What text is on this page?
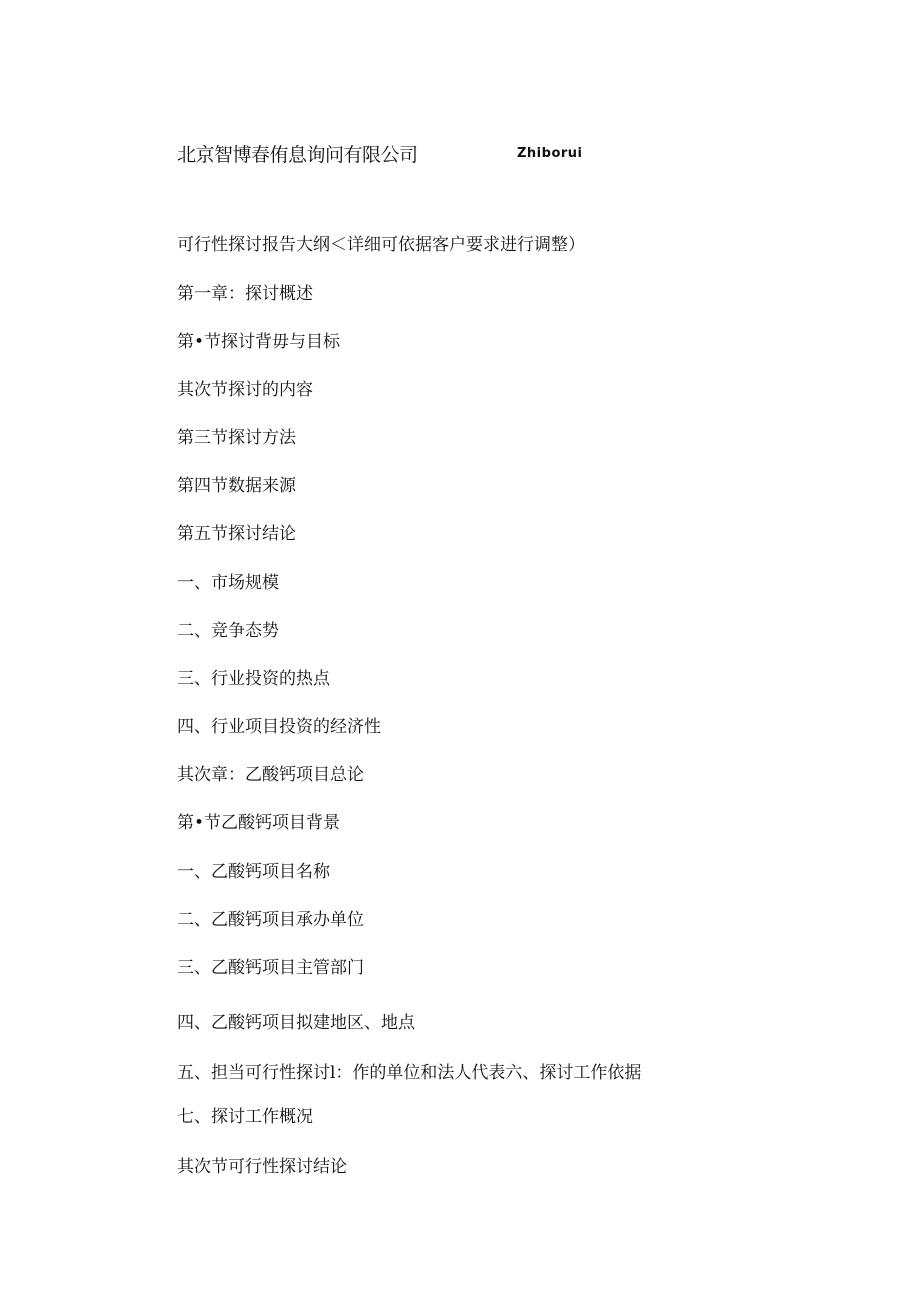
北京智博春侑息询问有限公司	Zhiborui
可行性探讨报告大纲＜详细可依据客户要求进行调整）
第一章：探讨概述
第•节探讨背毋与目标
其次节探讨的内容
第三节探讨方法
第四节数据来源
第五节探讨结论
一、市场规模
二、竞争态势
三、行业投资的热点
四、行业项目投资的经济性
其次章：乙酸钙项目总论
第•节乙酸钙项目背景
一、乙酸钙项目名称
二、乙酸钙项目承办单位
三、乙酸钙项目主管部门
四、乙酸钙项目拟建地区、地点
五、担当可行性探讨l：作的单位和法人代表六、探讨工作依据
七、探讨工作概况
其次节可行性探讨结论
